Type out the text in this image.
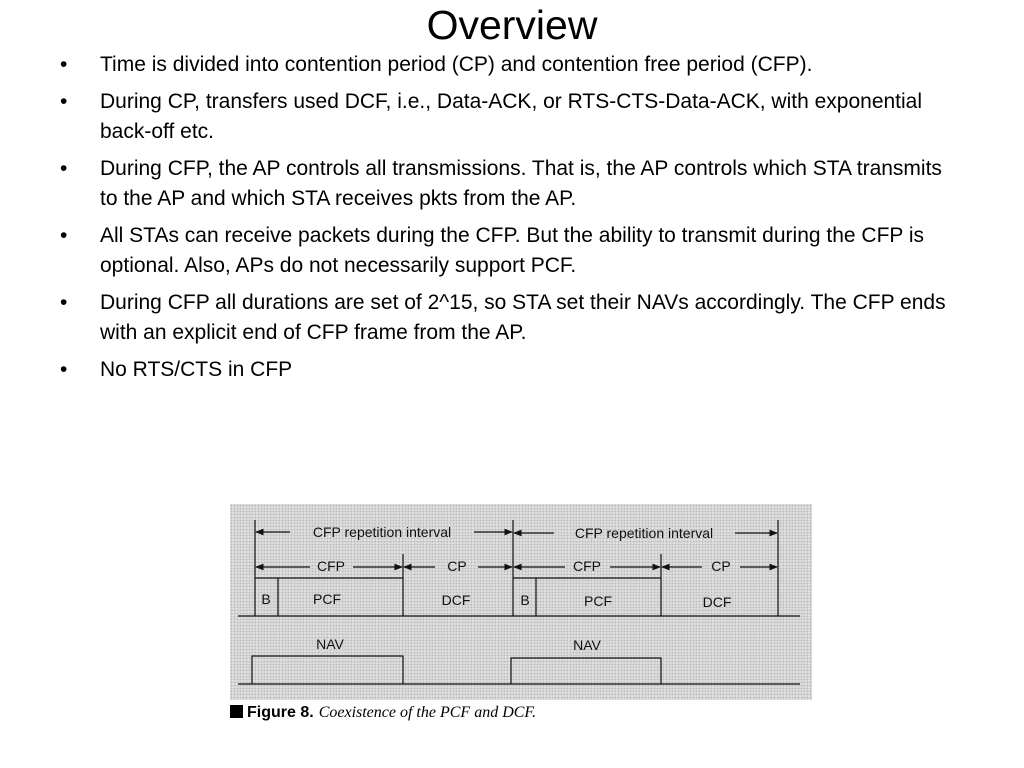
Overview
• Time is divided into contention period (CP) and contention free period (CFP).
• During CP, transfers used DCF, i.e., Data-ACK, or RTS-CTS-Data-ACK, with exponential back-off etc.
• During CFP, the AP controls all transmissions. That is, the AP controls which STA transmits to the AP and which STA receives pkts from the AP.
• All STAs can receive packets during the CFP. But the ability to transmit during the CFP is optional. Also, APs do not necessarily support PCF.
• During CFP all durations are set of 2^15, so STA set their NAVs accordingly. The CFP ends with an explicit end of CFP frame from the AP.
• No RTS/CTS in CFP
CFP repetition interval	CFP repetition interval
CFP	CP	CFP	CP
B	PCF	DCF	B	PCF	DCF
NAV	NAV
Figure 8. Coexistence of the PCF and DCF.
